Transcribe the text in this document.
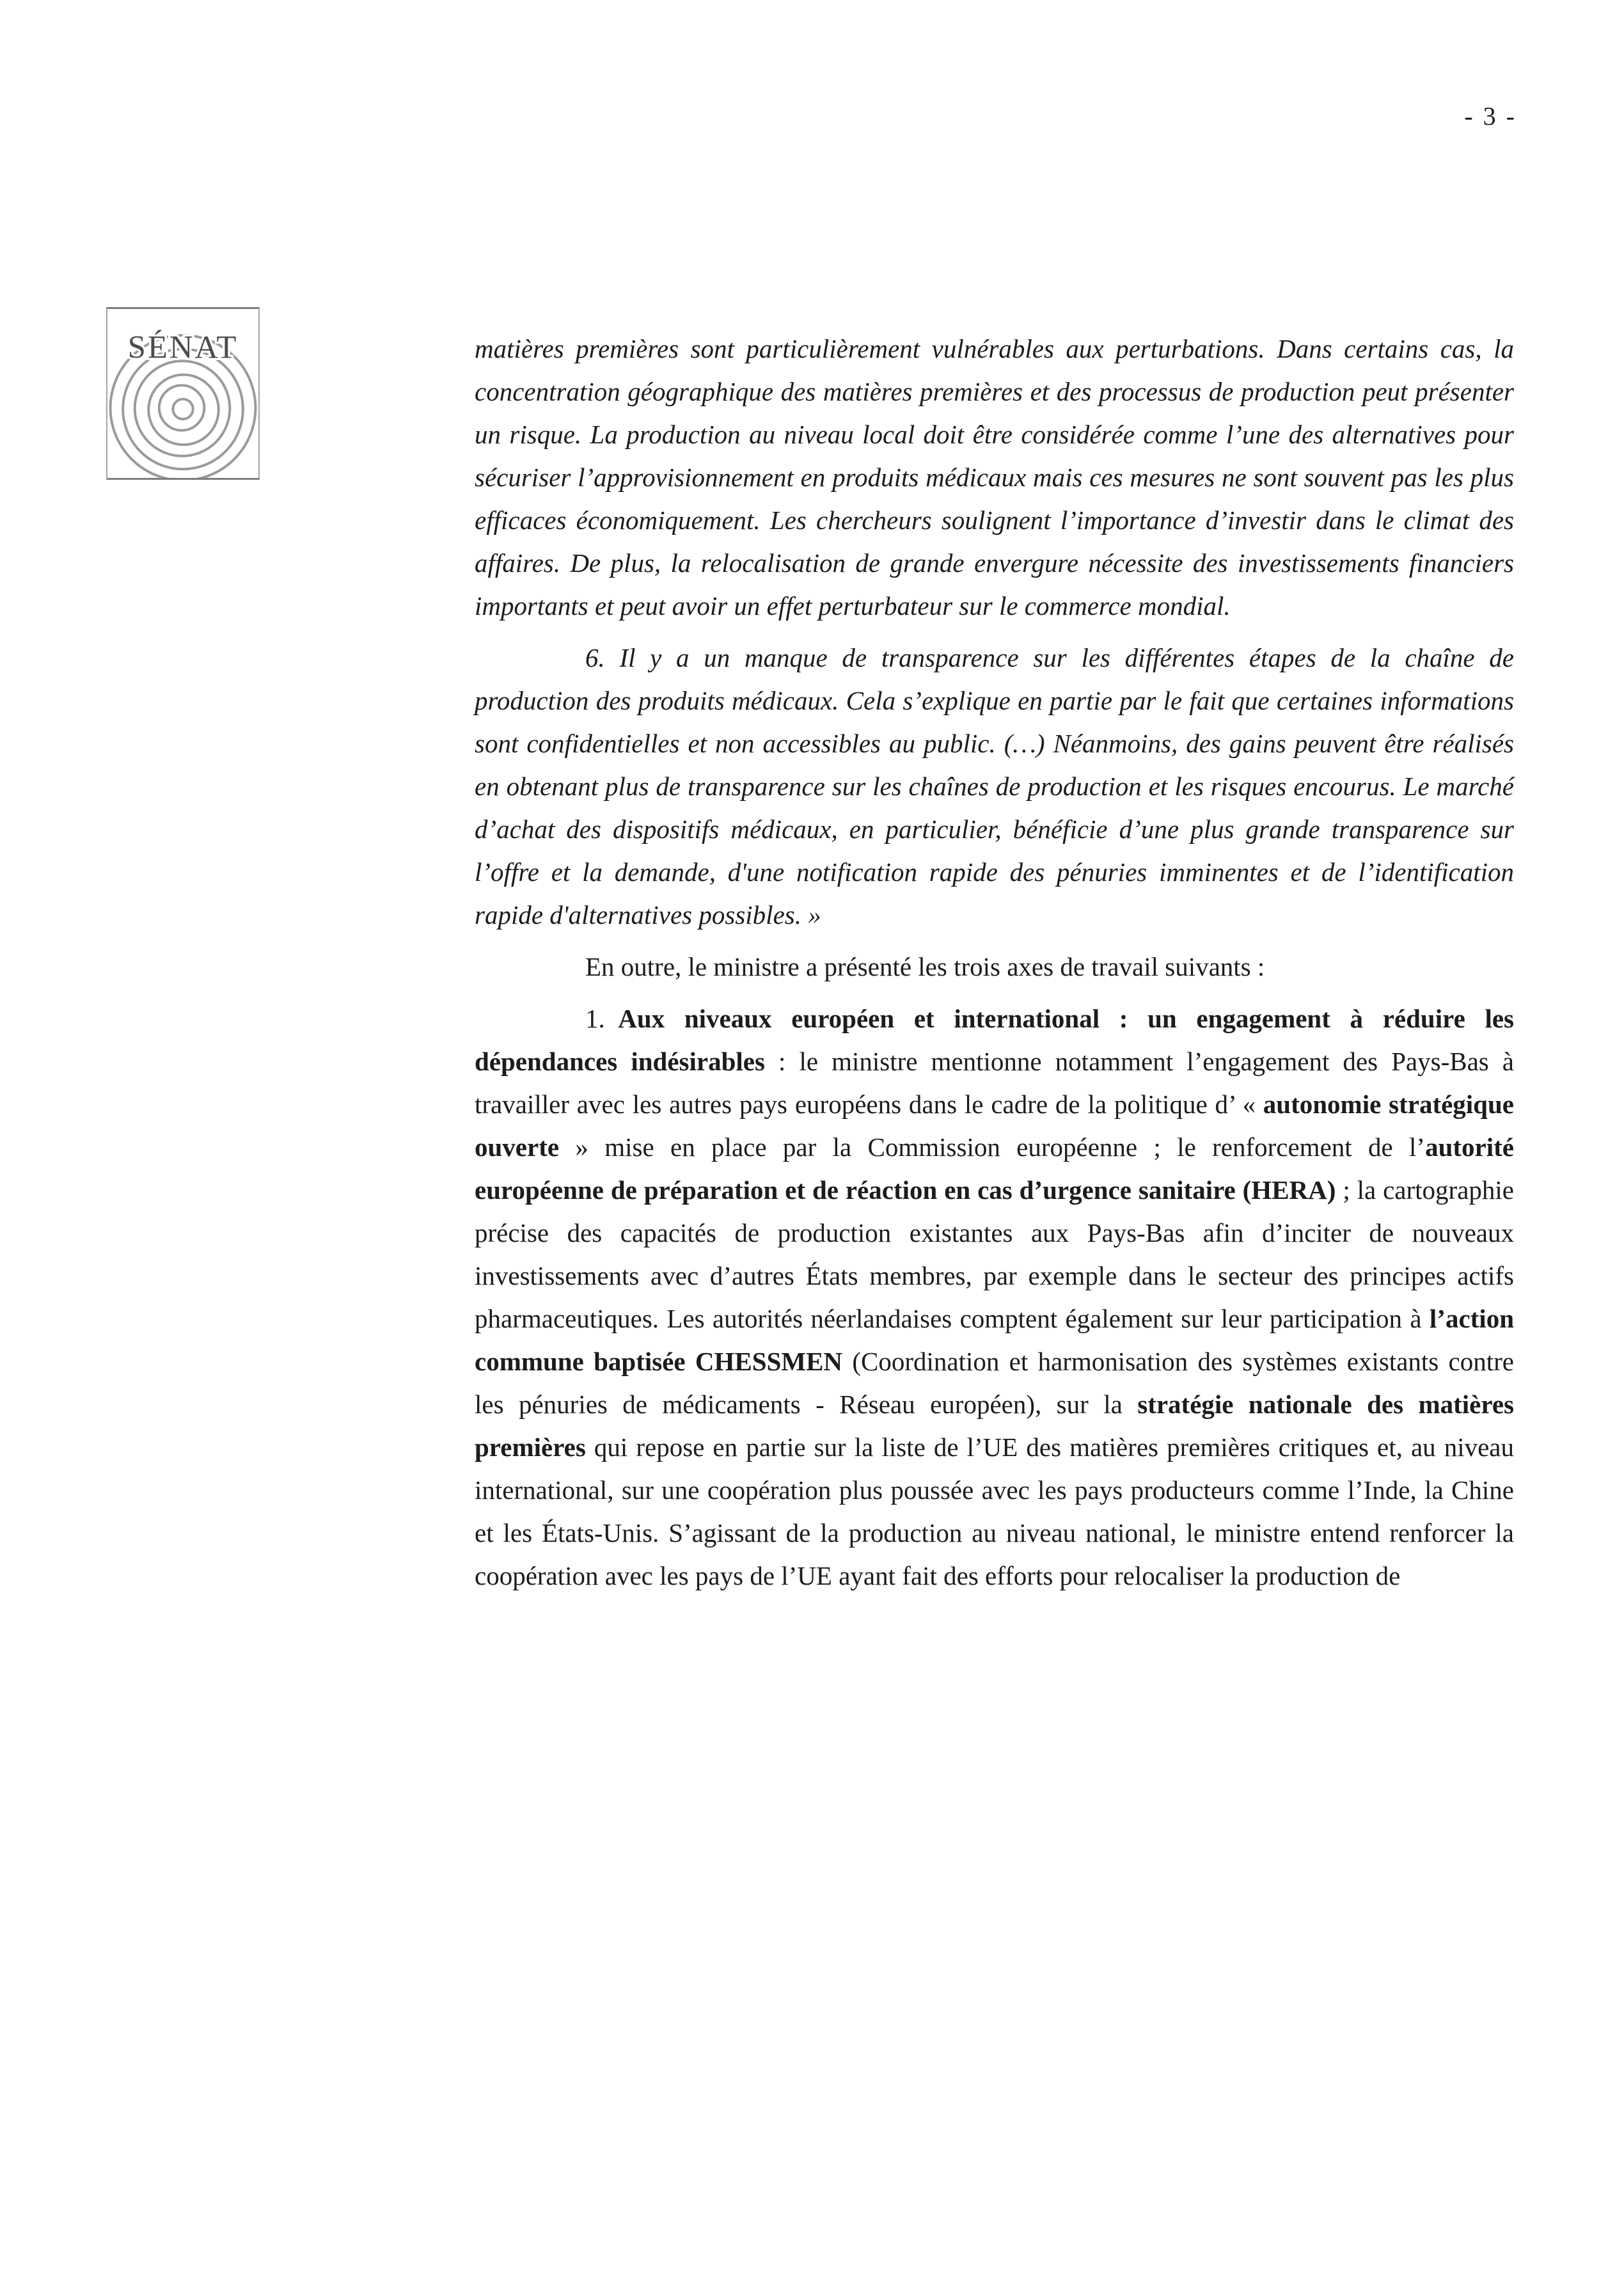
- 3 -
SÉNAT	matières premières sont particulièrement vulnérables aux perturbations. Dans certains cas, la concentration géographique des matières premières et des processus de production peut présenter un risque. La production au niveau local doit être considérée comme l’une des alternatives pour sécuriser l’approvisionnement en produits médicaux mais ces mesures ne sont souvent pas les plus efficaces économiquement. Les chercheurs soulignent l’importance d’investir dans le climat des affaires. De plus, la relocalisation de grande envergure nécessite des investissements financiers importants et peut avoir un effet perturbateur sur le commerce mondial.

6. Il y a un manque de transparence sur les différentes étapes de la chaîne de production des produits médicaux. Cela s’explique en partie par le fait que certaines informations sont confidentielles et non accessibles au public. (…) Néanmoins, des gains peuvent être réalisés en obtenant plus de transparence sur les chaînes de production et les risques encourus. Le marché d’achat des dispositifs médicaux, en particulier, bénéficie d’une plus grande transparence sur l’offre et la demande, d'une notification rapide des pénuries imminentes et de l’identification rapide d'alternatives possibles. »

En outre, le ministre a présenté les trois axes de travail suivants :

1. Aux niveaux européen et international : un engagement à réduire les dépendances indésirables : le ministre mentionne notamment l’engagement des Pays-Bas à travailler avec les autres pays européens dans le cadre de la politique d’ « autonomie stratégique ouverte » mise en place par la Commission européenne ; le renforcement de l’autorité européenne de préparation et de réaction en cas d’urgence sanitaire (HERA) ; la cartographie précise des capacités de production existantes aux Pays-Bas afin d’inciter de nouveaux investissements avec d’autres États membres, par exemple dans le secteur des principes actifs pharmaceutiques. Les autorités néerlandaises comptent également sur leur participation à l’action commune baptisée CHESSMEN (Coordination et harmonisation des systèmes existants contre les pénuries de médicaments - Réseau européen), sur la stratégie nationale des matières premières qui repose en partie sur la liste de l’UE des matières premières critiques et, au niveau international, sur une coopération plus poussée avec les pays producteurs comme l’Inde, la Chine et les États-Unis. S’agissant de la production au niveau national, le ministre entend renforcer la coopération avec les pays de l’UE ayant fait des efforts pour relocaliser la production de
